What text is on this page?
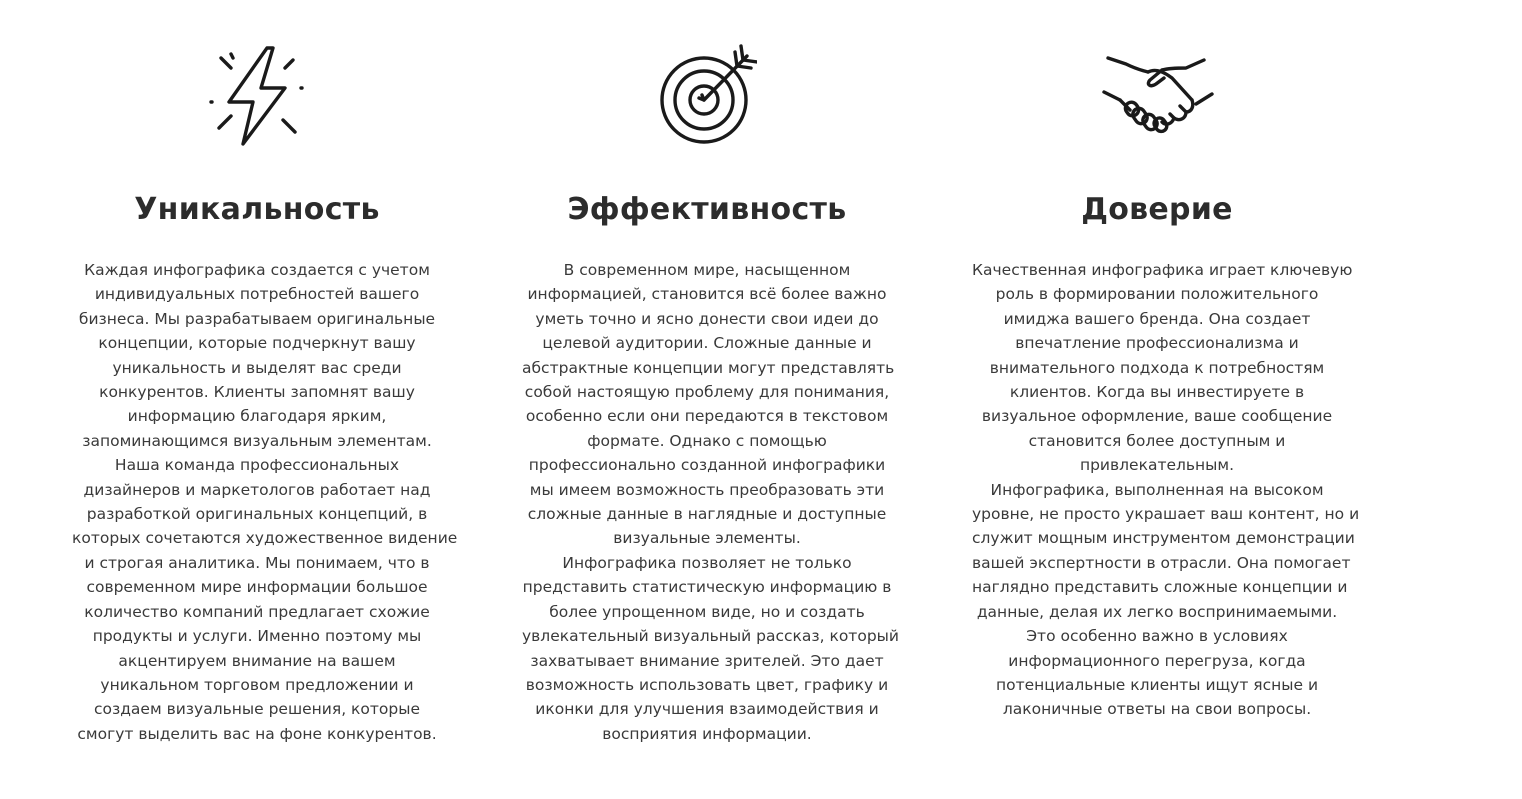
Уникальность
Каждая инфографика создается с учетом
индивидуальных потребностей вашего
бизнеса. Мы разрабатываем оригинальные
концепции, которые подчеркнут вашу
уникальность и выделят вас среди
конкурентов. Клиенты запомнят вашу
информацию благодаря ярким,
запоминающимся визуальным элементам.
Наша команда профессиональных
дизайнеров и маркетологов работает над
разработкой оригинальных концепций, в
которых сочетаются художественное видение
и строгая аналитика. Мы понимаем, что в
современном мире информации большое
количество компаний предлагает схожие
продукты и услуги. Именно поэтому мы
акцентируем внимание на вашем
уникальном торговом предложении и
создаем визуальные решения, которые
смогут выделить вас на фоне конкурентов.
Эффективность
В современном мире, насыщенном
информацией, становится всё более важно
уметь точно и ясно донести свои идеи до
целевой аудитории. Сложные данные и
абстрактные концепции могут представлять
собой настоящую проблему для понимания,
особенно если они передаются в текстовом
формате. Однако с помощью
профессионально созданной инфографики
мы имеем возможность преобразовать эти
сложные данные в наглядные и доступные
визуальные элементы.
Инфографика позволяет не только
представить статистическую информацию в
более упрощенном виде, но и создать
увлекательный визуальный рассказ, который
захватывает внимание зрителей. Это дает
возможность использовать цвет, графику и
иконки для улучшения взаимодействия и
восприятия информации.
Доверие
Качественная инфографика играет ключевую
роль в формировании положительного
имиджа вашего бренда. Она создает
впечатление профессионализма и
внимательного подхода к потребностям
клиентов. Когда вы инвестируете в
визуальное оформление, ваше сообщение
становится более доступным и
привлекательным.
Инфографика, выполненная на высоком
уровне, не просто украшает ваш контент, но и
служит мощным инструментом демонстрации
вашей экспертности в отрасли. Она помогает
наглядно представить сложные концепции и
данные, делая их легко воспринимаемыми.
Это особенно важно в условиях
информационного перегруза, когда
потенциальные клиенты ищут ясные и
лаконичные ответы на свои вопросы.
